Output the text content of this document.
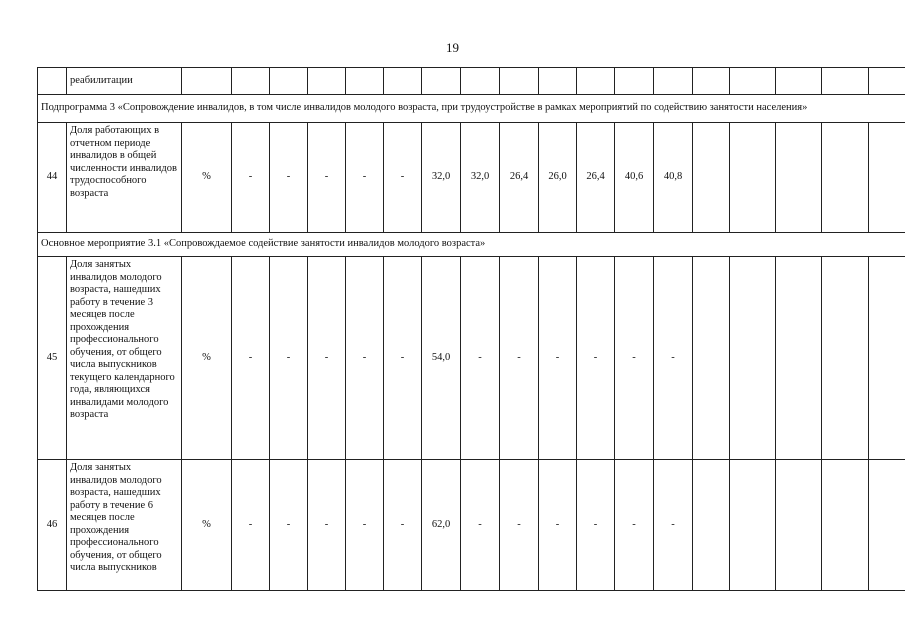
19
	реабилитации																		
Подпрограмма 3 «Сопровождение инвалидов, в том числе инвалидов молодого возраста, при трудоустройстве в рамках мероприятий по содействию занятости населения»																			
44	Доля работающих в отчетном периоде инвалидов в общей численности инвалидов трудоспособного возраста	%	-	-	-	-	-	32,0	32,0	26,4	26,0	26,4	40,6	40,8					
Основное мероприятие 3.1 «Сопровождаемое содействие занятости инвалидов молодого возраста»																			
45	Доля занятых инвалидов молодого возраста, нашедших работу в течение 3 месяцев после прохождения профессионального обучения, от общего числа выпускников текущего календарного года, являющихся инвалидами молодого возраста	%	-	-	-	-	-	54,0	-	-	-	-	-	-					
46	Доля занятых инвалидов молодого возраста, нашедших работу в течение 6 месяцев после прохождения профессионального обучения, от общего числа выпускников	%	-	-	-	-	-	62,0	-	-	-	-	-	-					
